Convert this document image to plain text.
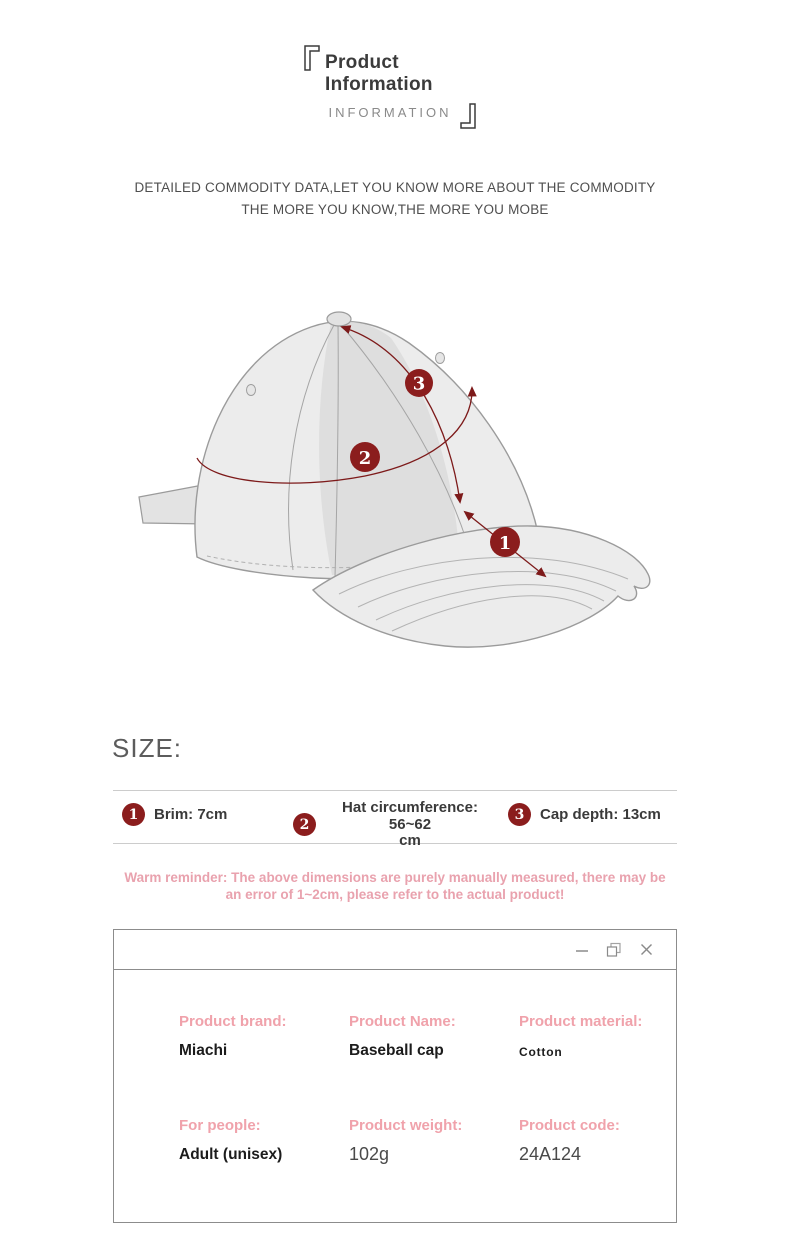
Product
Information
INFORMATION
DETAILED COMMODITY DATA,LET YOU KNOW MORE ABOUT THE COMMODITY
THE MORE YOU KNOW,THE MORE YOU MOBE
3
2
1
SIZE:
1	Brim: 7cm
2
Hat circumference: 56~62
cm
3	Cap depth: 13cm
Warm reminder: The above dimensions are purely manually measured, there may be
an error of 1~2cm, please refer to the actual product!
Product brand:
Miachi
Product Name:
Baseball cap
Product material:
Cotton
For people:
Adult (unisex)
Product weight:
102g
Product code:
24A124
